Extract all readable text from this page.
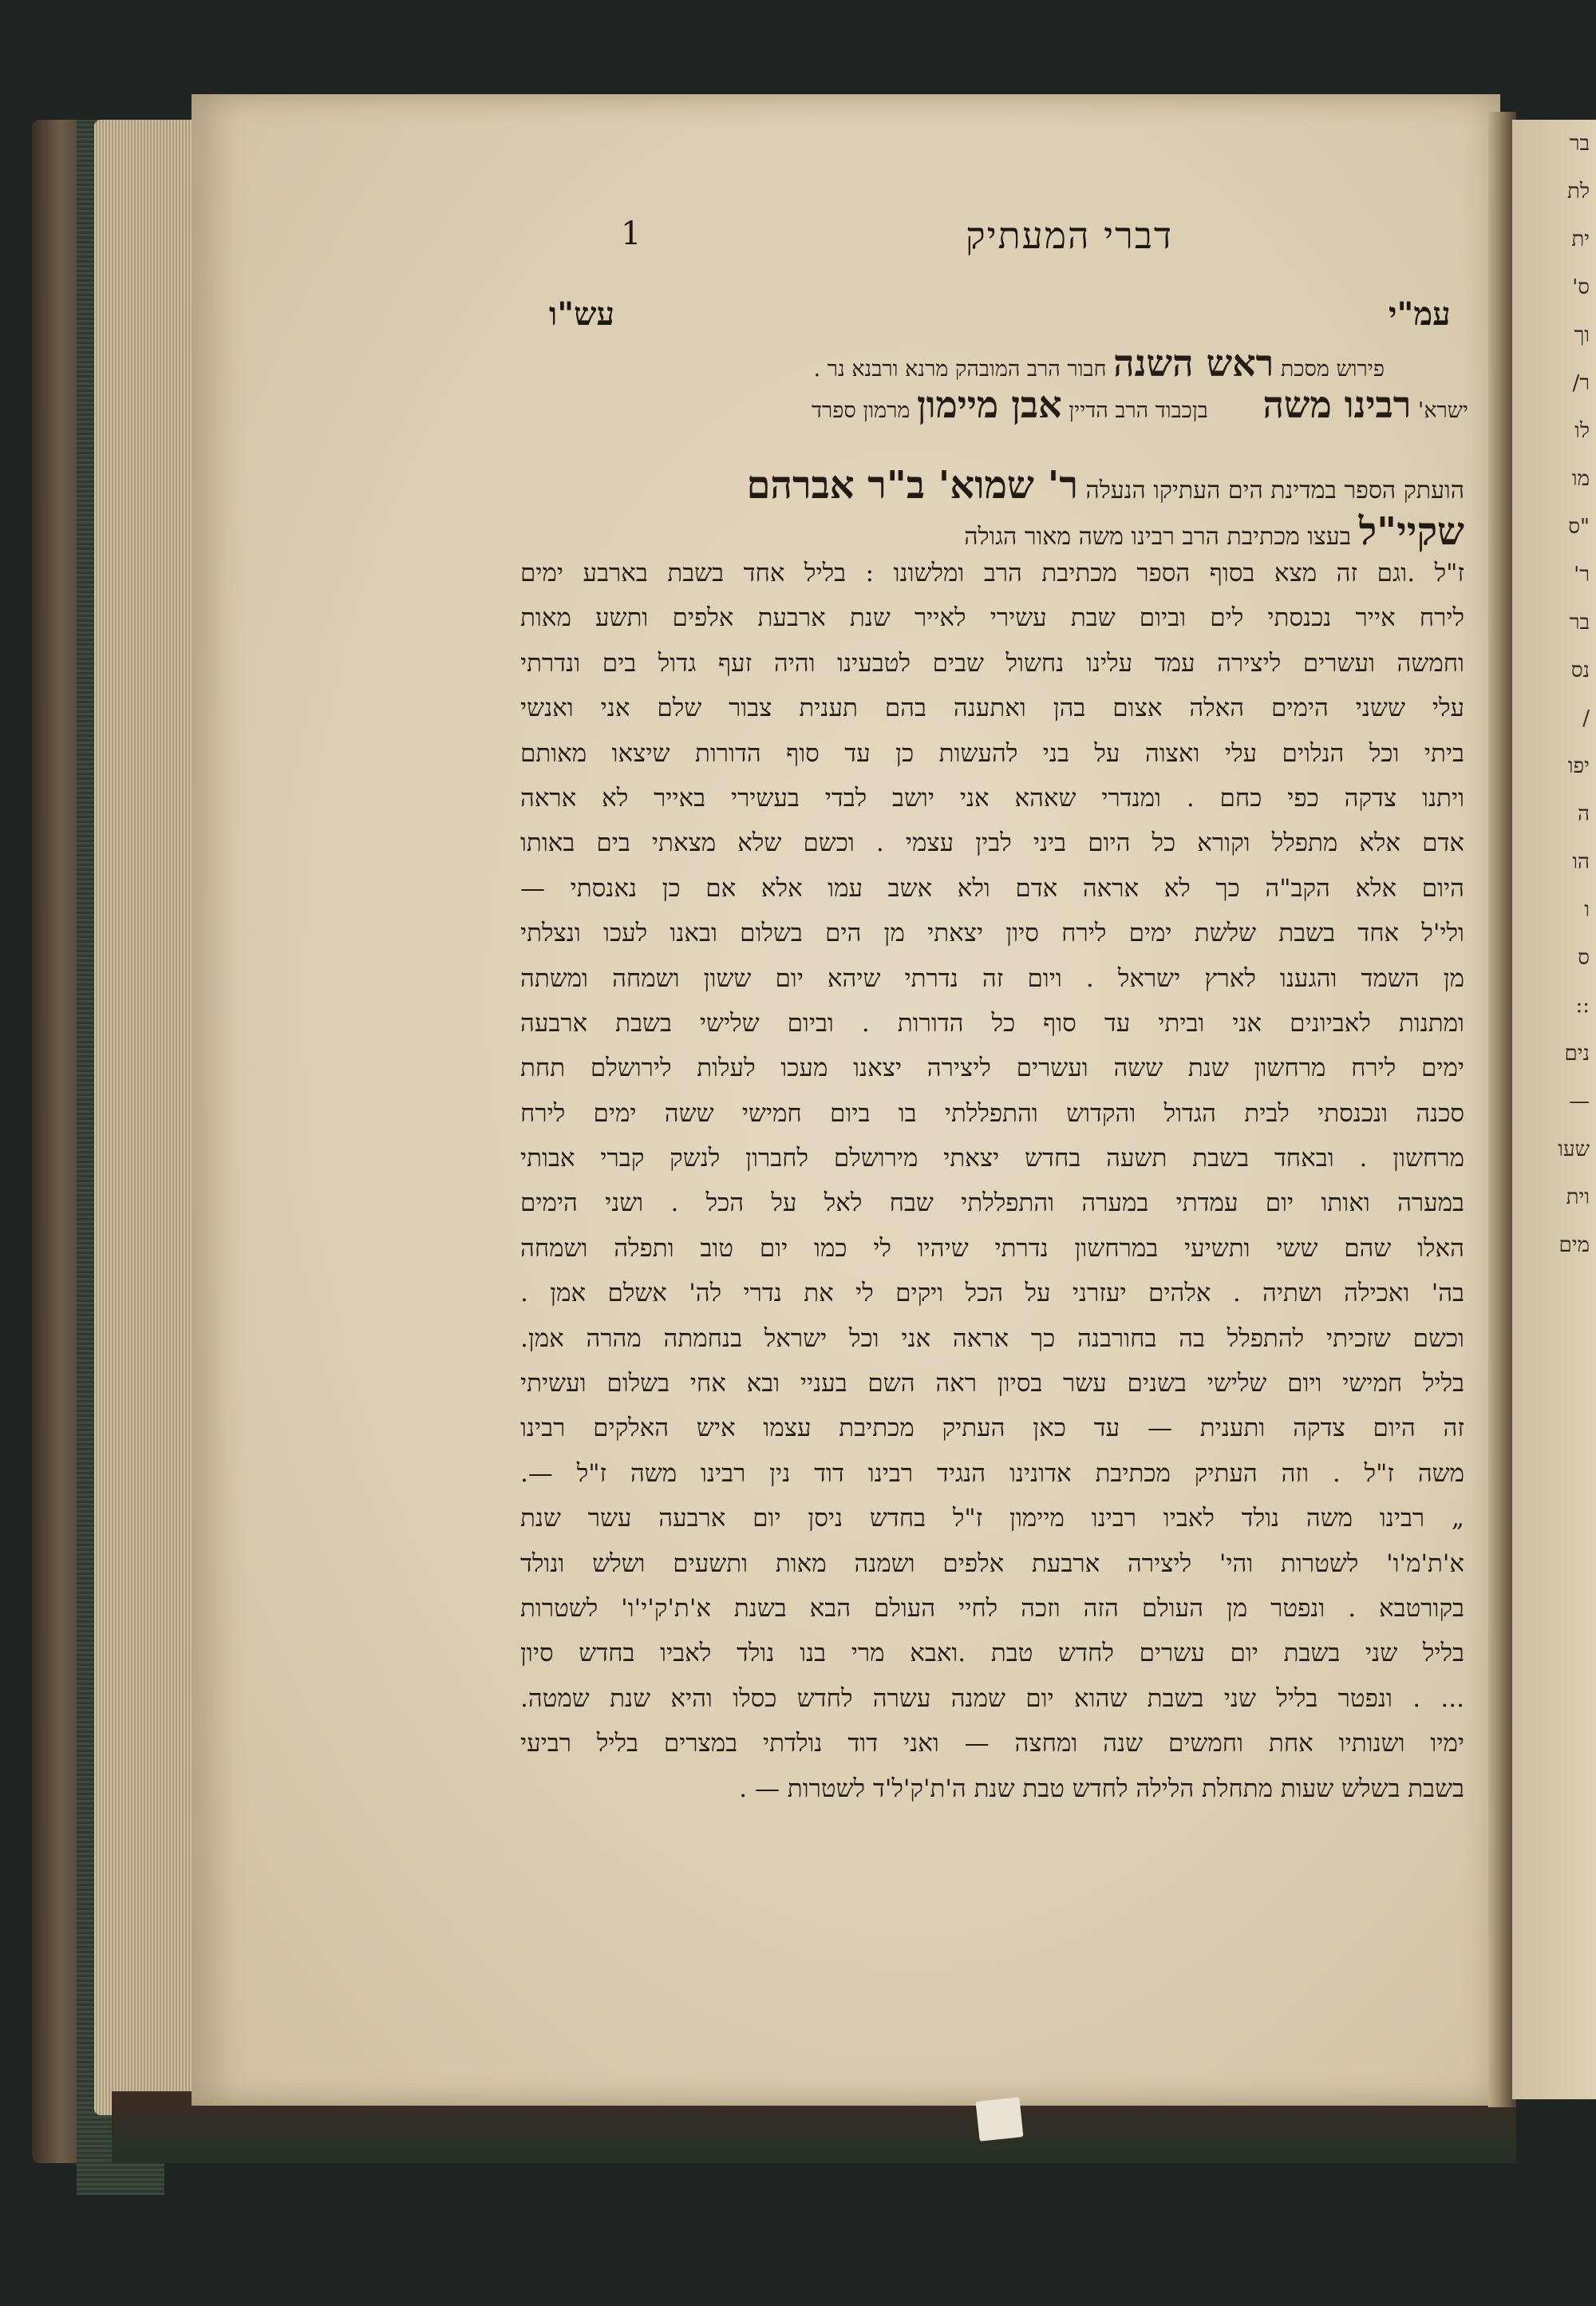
בר
לת
ית
ס'
וך
ר/
לו
מו
"ס
ר'
בר
נס
/
יפו
ה
הו
ו
ס
::
נים
—
שעו
וית
מים
דברי המעתיק
1
עמ"י
עש"ו
פירוש מסכת ראש השנה חבור הרב המובהק מרנא ורבנא נר .
ישרא' רבינו משה        בןכבוד הרב הדיין אבן מיימון מרמון ספרד
הועתק הספר במדינת הים העתיקו הנעלה ר' שמוא' ב"ר אברהם
שקיי"ל בעצו מכתיבת הרב רבינו משה מאור הגולה
ז"ל .וגם זה מצא בסוף הספר מכתיבת הרב ומלשונו : בליל אחד בשבת בארבע ימים
לירח אייר נכנסתי לים וביום שבת עשירי לאייר שנת ארבעת אלפים ותשע מאות
וחמשה ועשרים ליצירה עמד עלינו נחשול שבים לטבעינו והיה זעף גדול בים ונדרתי
עלי ששני הימים האלה אצום בהן ואתענה בהם תענית צבור שלם אני ואנשי
ביתי וכל הנלוים עלי ואצוה על בני להעשות כן עד סוף הדורות שיצאו מאותם
ויתנו צדקה כפי כחם . ומנדרי שאהא אני יושב לבדי בעשירי באייר לא אראה
אדם אלא מתפלל וקורא כל היום ביני לבין עצמי . וכשם שלא מצאתי בים באותו
היום אלא הקב"ה כך לא אראה אדם ולא אשב עמו אלא אם כן נאנסתי —
ולי'ל אחד בשבת שלשת ימים לירח סיון יצאתי מן הים בשלום ובאנו לעכו ונצלתי
מן השמד והגענו לארץ ישראל . ויום זה נדרתי שיהא יום ששון ושמחה ומשתה
ומתנות לאביונים אני וביתי עד סוף כל הדורות . וביום שלישי בשבת ארבעה
ימים לירח מרחשון שנת ששה ועשרים ליצירה יצאנו מעכו לעלות לירושלם תחת
סכנה ונכנסתי לבית הגדול והקדוש והתפללתי בו ביום חמישי ששה ימים לירח
מרחשון . ובאחד בשבת תשעה בחדש יצאתי מירושלם לחברון לנשק קברי אבותי
במערה ואותו יום עמדתי במערה והתפללתי שבח לאל על הכל . ושני הימים
האלו שהם ששי ותשיעי במרחשון נדרתי שיהיו לי כמו יום טוב ותפלה ושמחה
בה' ואכילה ושתיה . אלהים יעזרני על הכל ויקים לי את נדרי לה' אשלם אמן .
וכשם שזכיתי להתפלל בה בחורבנה כך אראה אני וכל ישראל בנחמתה מהרה אמן.
בליל חמישי ויום שלישי בשנים עשר בסיון ראה השם בעניי ובא אחי בשלום ועשיתי
זה היום צדקה ותענית — עד כאן העתיק מכתיבת עצמו איש האלקים רבינו
משה ז"ל . וזה העתיק מכתיבת אדונינו הנגיד רבינו דוד נין רבינו משה ז"ל —.
„ רבינו משה נולד לאביו רבינו מיימון ז"ל בחדש ניסן יום ארבעה עשר שנת
א'ת'מ'ו' לשטרות והי' ליצירה ארבעת אלפים ושמנה מאות ותשעים ושלש ונולד
בקורטבא . ונפטר מן העולם הזה וזכה לחיי העולם הבא בשנת א'ת'ק'י'ו' לשטרות
בליל שני בשבת יום עשרים לחדש טבת .ואבא מרי בנו נולד לאביו בחדש סיון
... . ונפטר בליל שני בשבת שהוא יום שמנה עשרה לחדש כסלו והיא שנת שמטה.
ימיו ושנותיו אחת וחמשים שנה ומחצה — ואני דוד נולדתי במצרים בליל רביעי
בשבת בשלש שעות מתחלת הלילה לחדש טבת שנת ה'ת'ק'ל'ד לשטרות — .
